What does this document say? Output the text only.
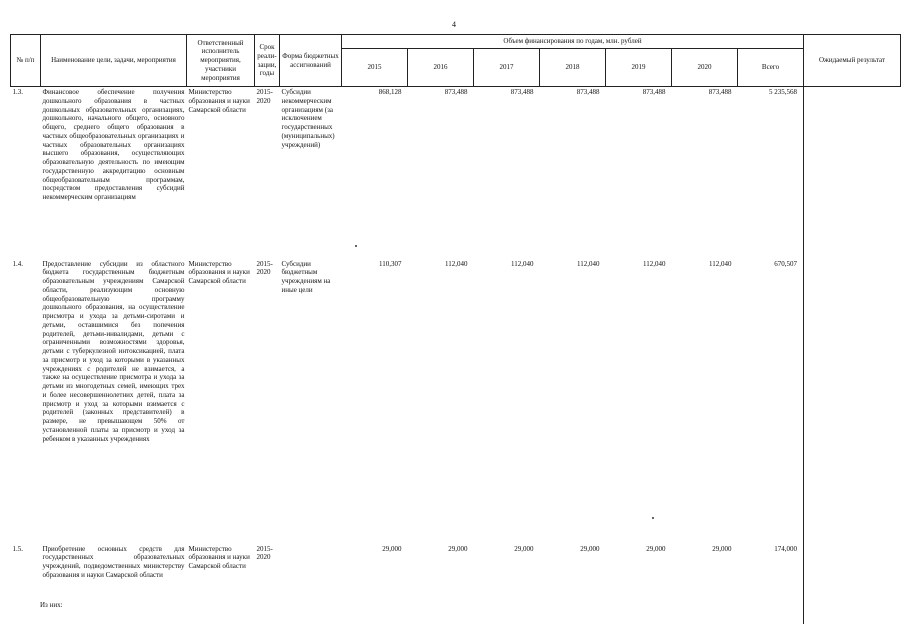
4
№ п/п	Наименование цели, задачи, мероприятия	Ответственный исполнитель мероприятия, участники мероприятия	Срок реали-зации, годы	Форма бюджетных ассигнований	Объем финансирования по годам, млн. рублей							Ожидаемый результат
					2015	2016	2017	2018	2019	2020	Всего	
1.3.	Финансовое обеспечение получения дошкольного образования в частных дошкольных образовательных организациях, дошкольного, начального общего, основного общего, среднего общего образования в частных общеобразовательных организациях и частных образовательных организациях высшего образования, осуществляющих образовательную деятельность по имеющим государственную аккредитацию основным общеобразовательным программам, посредством предоставления субсидий некоммерческим организациям	Министерство образования и науки Самарской области	2015-2020	Субсидии некоммерческим организациям (за исключением государственных (муниципальных) учреждений)	868,128	873,488	873,488	873,488	873,488	873,488	5 235,568	
1.4.	Предоставление субсидии из областного бюджета государственным бюджетным образовательным учреждениям Самарской области, реализующим основную общеобразовательную программу дошкольного образования, на осуществление присмотра и ухода за детьми-сиротами и детьми, оставшимися без попечения родителей, детьми-инвалидами, детьми с ограниченными возможностями здоровья, детьми с туберкулезной интоксикацией, плата за присмотр и уход за которыми в указанных учреждениях с родителей не взимается, а также на осуществление присмотра и ухода за детьми из многодетных семей, имеющих трех и более несовершеннолетних детей, плата за присмотр и уход за которыми взимается с родителей (законных представителей) в размере, не превышающем 50% от установленной платы за присмотр и уход за ребенком в указанных учреждениях	Министерство образования и науки Самарской области	2015-2020	Субсидии бюджетным учреждениям на иные цели	110,307	112,040	112,040	112,040	112,040	112,040	670,507	
1.5.	Приобретение основных средств для государственных образовательных учреждений, подведомственных министерству образования и науки Самарской области	Министерство образования и науки Самарской области	2015-2020		29,000	29,000	29,000	29,000	29,000	29,000	174,000	
Из них:
